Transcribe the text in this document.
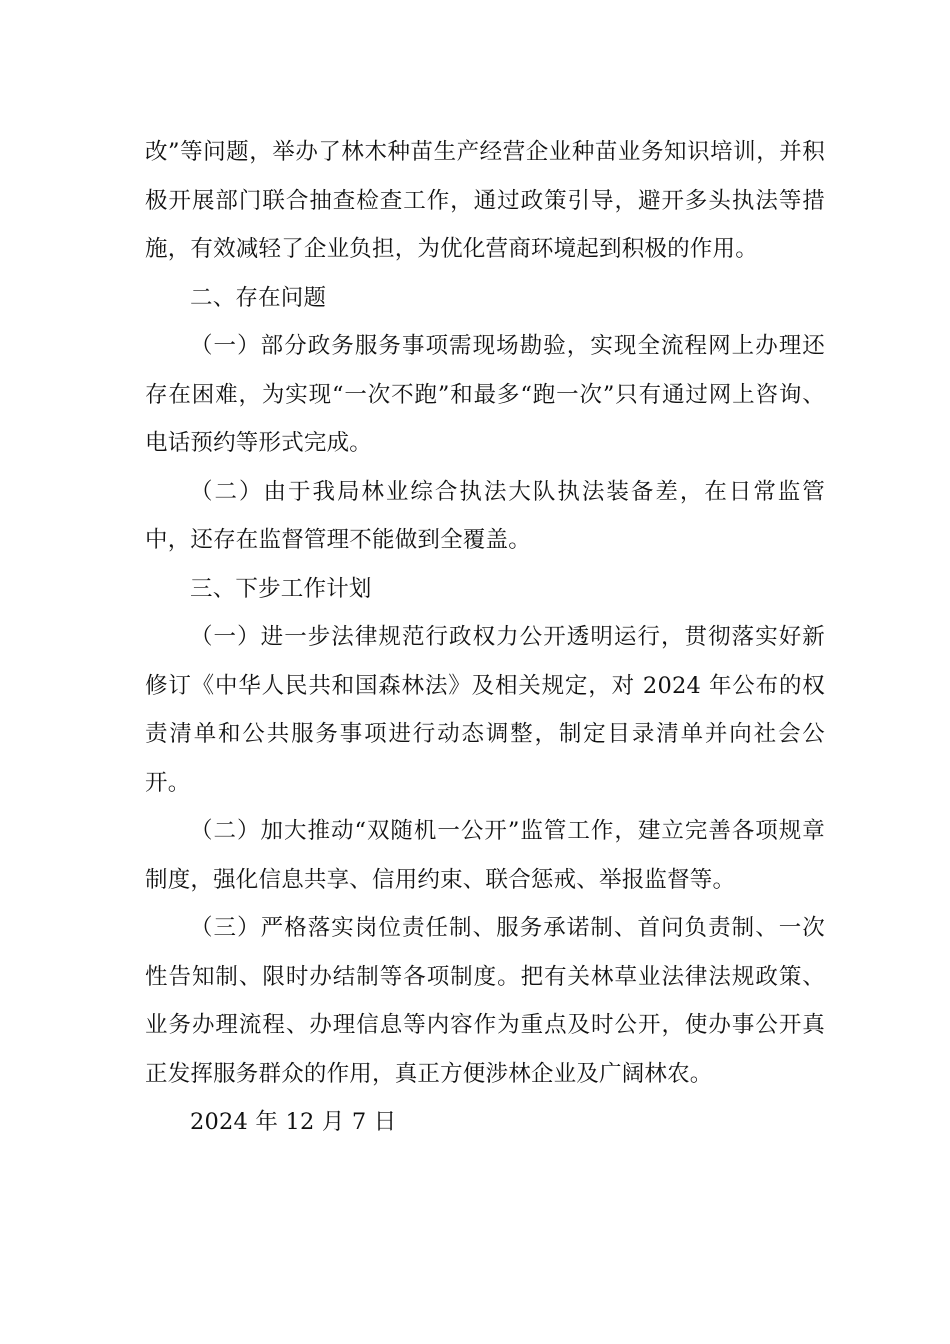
改”等问题，举办了林木种苗生产经营企业种苗业务知识培训，并积极开展部门联合抽查检查工作，通过政策引导，避开多头执法等措施，有效减轻了企业负担，为优化营商环境起到积极的作用。

二、存在问题

（一）部分政务服务事项需现场勘验，实现全流程网上办理还存在困难，为实现“一次不跑”和最多“跑一次”只有通过网上咨询、电话预约等形式完成。

（二）由于我局林业综合执法大队执法装备差，在日常监管中，还存在监督管理不能做到全覆盖。

三、下步工作计划

（一）进一步法律规范行政权力公开透明运行，贯彻落实好新修订《中华人民共和国森林法》及相关规定，对 2024 年公布的权责清单和公共服务事项进行动态调整，制定目录清单并向社会公开。

（二）加大推动“双随机一公开”监管工作，建立完善各项规章制度，强化信息共享、信用约束、联合惩戒、举报监督等。

（三）严格落实岗位责任制、服务承诺制、首问负责制、一次性告知制、限时办结制等各项制度。把有关林草业法律法规政策、业务办理流程、办理信息等内容作为重点及时公开，使办事公开真正发挥服务群众的作用，真正方便涉林企业及广阔林农。

2024 年 12 月 7 日
